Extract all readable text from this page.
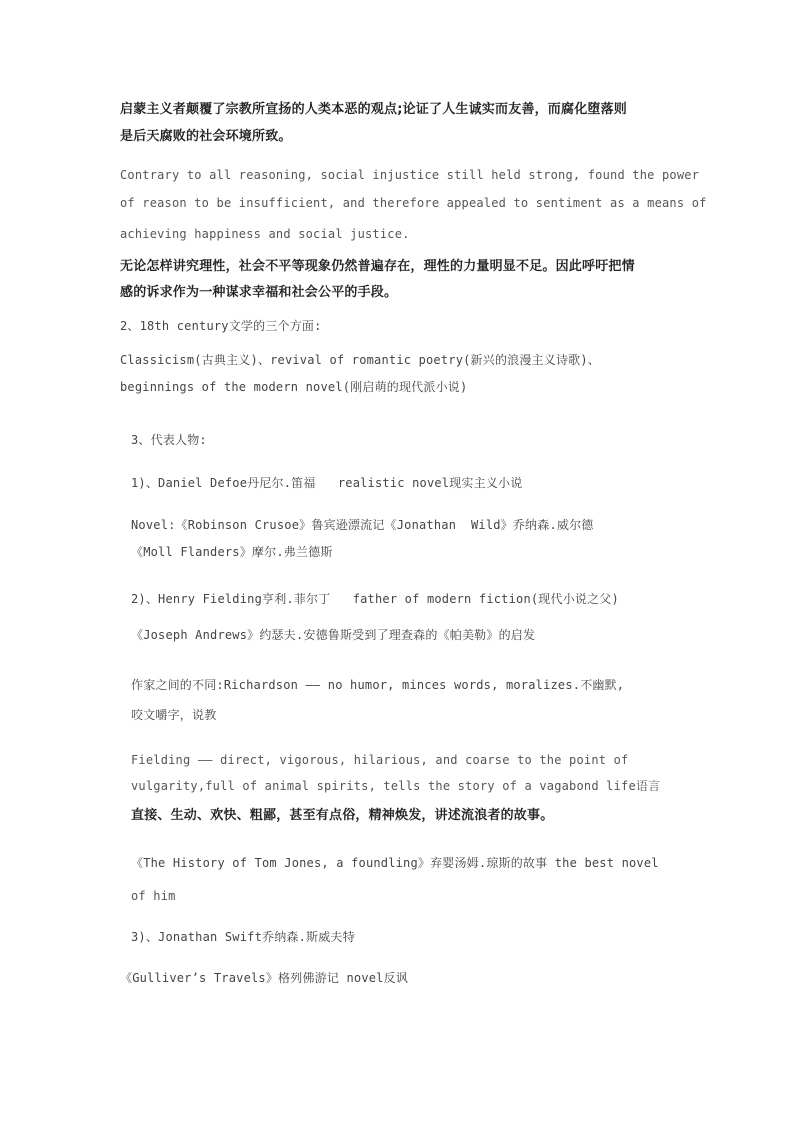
启蒙主义者颠覆了宗教所宣扬的人类本恶的观点;论证了人生诚实而友善，而腐化堕落则
是后天腐败的社会环境所致。
Contrary to all reasoning, social injustice still held strong, found the power
of reason to be insufficient, and therefore appealed to sentiment as a means of
achieving happiness and social justice.
无论怎样讲究理性，社会不平等现象仍然普遍存在，理性的力量明显不足。因此呼吁把情
感的诉求作为一种谋求幸福和社会公平的手段。
2、18th century文学的三个方面:
Classicism(古典主义)、revival of romantic poetry(新兴的浪漫主义诗歌)、
beginnings of the modern novel(刚启萌的现代派小说)
3、代表人物:
1)、Daniel Defoe丹尼尔.笛福   realistic novel现实主义小说
Novel:《Robinson Crusoe》鲁宾逊漂流记《Jonathan  Wild》乔纳森.威尔德
《Moll Flanders》摩尔.弗兰德斯
2)、Henry Fielding亨利.菲尔丁   father of modern fiction(现代小说之父)
《Joseph Andrews》约瑟夫.安德鲁斯受到了理查森的《帕美勒》的启发
作家之间的不同:Richardson —— no humor, minces words, moralizes.不幽默,
咬文嚼字，说教
Fielding —— direct, vigorous, hilarious, and coarse to the point of
vulgarity,full of animal spirits, tells the story of a vagabond life语言
直接、生动、欢快、粗鄙，甚至有点俗，精神焕发，讲述流浪者的故事。
《The History of Tom Jones, a foundling》弃婴汤姆.琼斯的故事 the best novel
of him
3)、Jonathan Swift乔纳森.斯威夫特
《Gulliver’s Travels》格列佛游记 novel反讽
